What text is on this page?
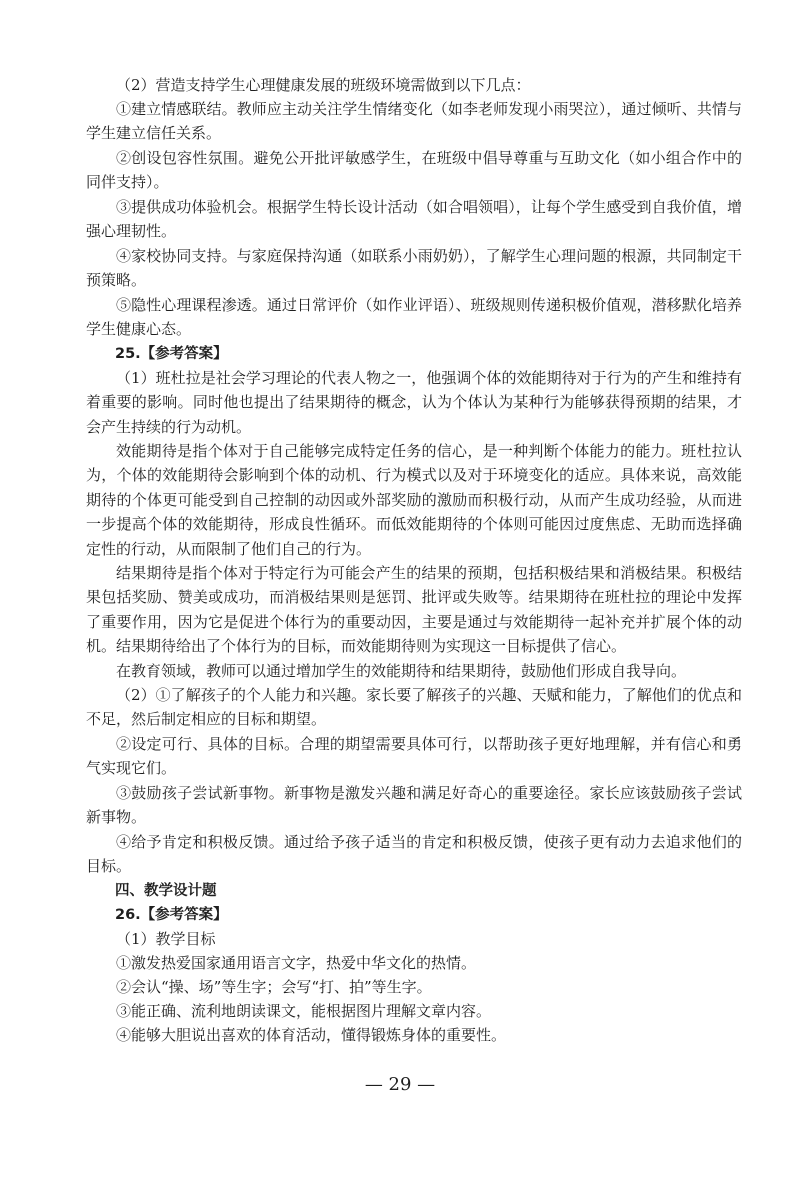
（2）营造支持学生心理健康发展的班级环境需做到以下几点：

①建立情感联结。教师应主动关注学生情绪变化（如李老师发现小雨哭泣），通过倾听、共情与学生建立信任关系。

②创设包容性氛围。避免公开批评敏感学生，在班级中倡导尊重与互助文化（如小组合作中的同伴支持）。

③提供成功体验机会。根据学生特长设计活动（如合唱领唱），让每个学生感受到自我价值，增强心理韧性。

④家校协同支持。与家庭保持沟通（如联系小雨奶奶），了解学生心理问题的根源，共同制定干预策略。

⑤隐性心理课程渗透。通过日常评价（如作业评语）、班级规则传递积极价值观，潜移默化培养学生健康心态。

25.【参考答案】

（1）班杜拉是社会学习理论的代表人物之一，他强调个体的效能期待对于行为的产生和维持有着重要的影响。同时他也提出了结果期待的概念，认为个体认为某种行为能够获得预期的结果，才会产生持续的行为动机。

效能期待是指个体对于自己能够完成特定任务的信心，是一种判断个体能力的能力。班杜拉认为，个体的效能期待会影响到个体的动机、行为模式以及对于环境变化的适应。具体来说，高效能期待的个体更可能受到自己控制的动因或外部奖励的激励而积极行动，从而产生成功经验，从而进一步提高个体的效能期待，形成良性循环。而低效能期待的个体则可能因过度焦虑、无助而选择确定性的行动，从而限制了他们自己的行为。

结果期待是指个体对于特定行为可能会产生的结果的预期，包括积极结果和消极结果。积极结果包括奖励、赞美或成功，而消极结果则是惩罚、批评或失败等。结果期待在班杜拉的理论中发挥了重要作用，因为它是促进个体行为的重要动因，主要是通过与效能期待一起补充并扩展个体的动机。结果期待给出了个体行为的目标，而效能期待则为实现这一目标提供了信心。

在教育领域，教师可以通过增加学生的效能期待和结果期待，鼓励他们形成自我导向。

（2）①了解孩子的个人能力和兴趣。家长要了解孩子的兴趣、天赋和能力，了解他们的优点和不足，然后制定相应的目标和期望。

②设定可行、具体的目标。合理的期望需要具体可行，以帮助孩子更好地理解，并有信心和勇气实现它们。

③鼓励孩子尝试新事物。新事物是激发兴趣和满足好奇心的重要途径。家长应该鼓励孩子尝试新事物。

④给予肯定和积极反馈。通过给予孩子适当的肯定和积极反馈，使孩子更有动力去追求他们的目标。

四、教学设计题

26.【参考答案】

（1）教学目标

①激发热爱国家通用语言文字，热爱中华文化的热情。

②会认“操、场”等生字；会写“打、拍”等生字。

③能正确、流利地朗读课文，能根据图片理解文章内容。

④能够大胆说出喜欢的体育活动，懂得锻炼身体的重要性。

— 29 —
